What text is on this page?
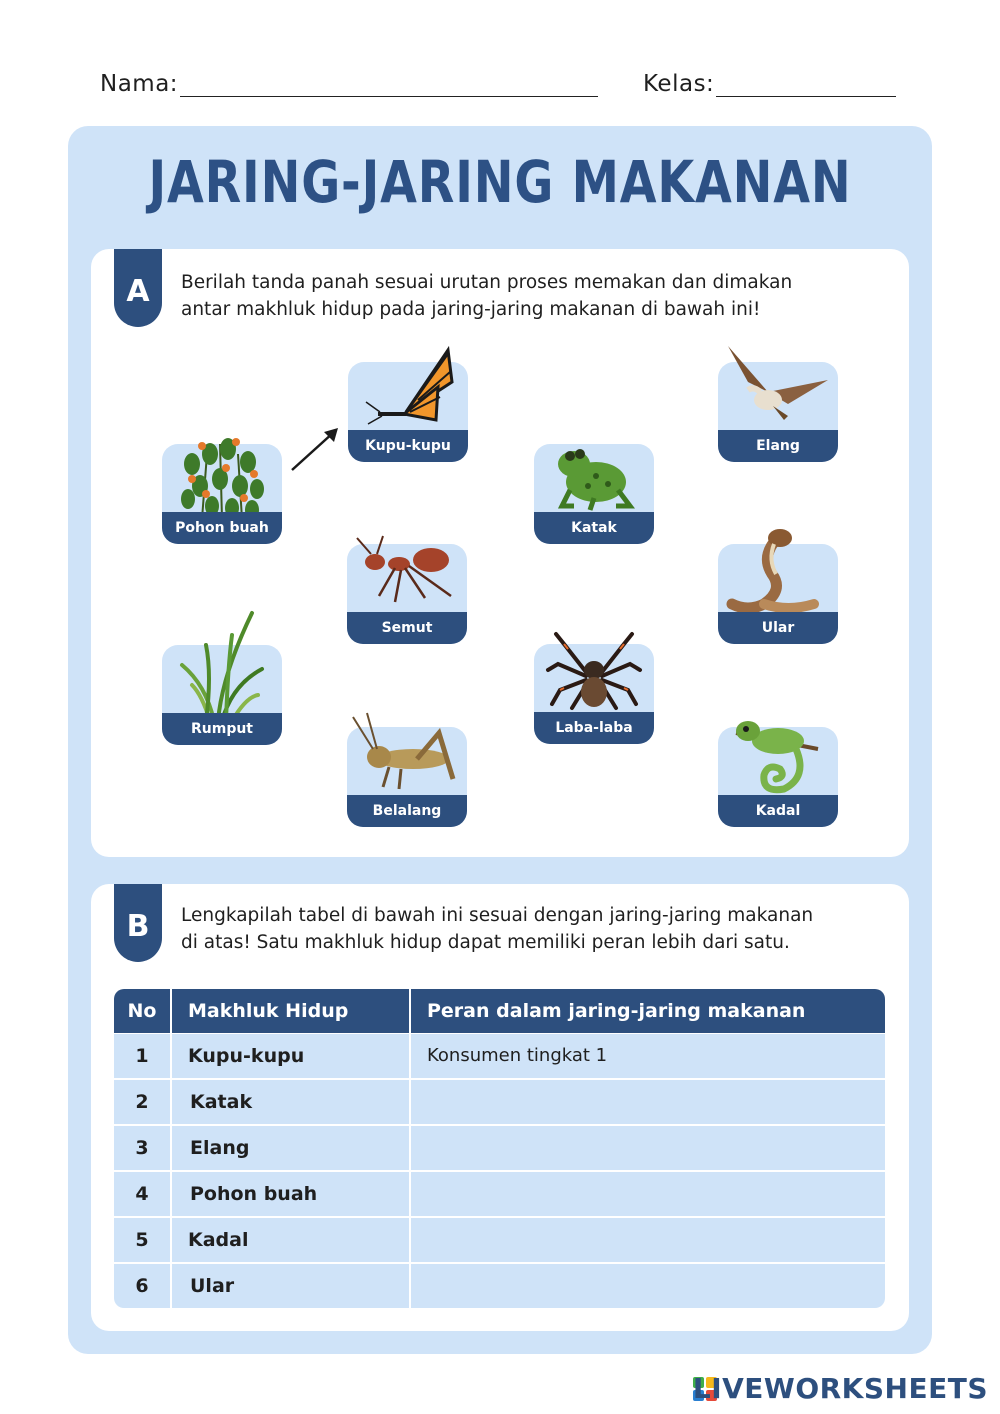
Nama:	Kelas:
JARING-JARING MAKANAN
A	Berilah tanda panah sesuai urutan proses memakan dan dimakan
antar makhluk hidup pada jaring-jaring makanan di bawah ini!
Pohon buah
Kupu-kupu
Katak
Elang
Semut	Ular
Rumput	Laba-laba
Belalang	Kadal
B	Lengkapilah tabel di bawah ini sesuai dengan jaring-jaring makanan
di atas! Satu makhluk hidup dapat memiliki peran lebih dari satu.
No	Makhluk Hidup	Peran dalam jaring-jaring makanan
1	Kupu-kupu	Konsumen tingkat 1
2	Katak
3	Elang
4	Pohon buah
5	Kadal
6	Ular
LIVEWORKSHEETS
